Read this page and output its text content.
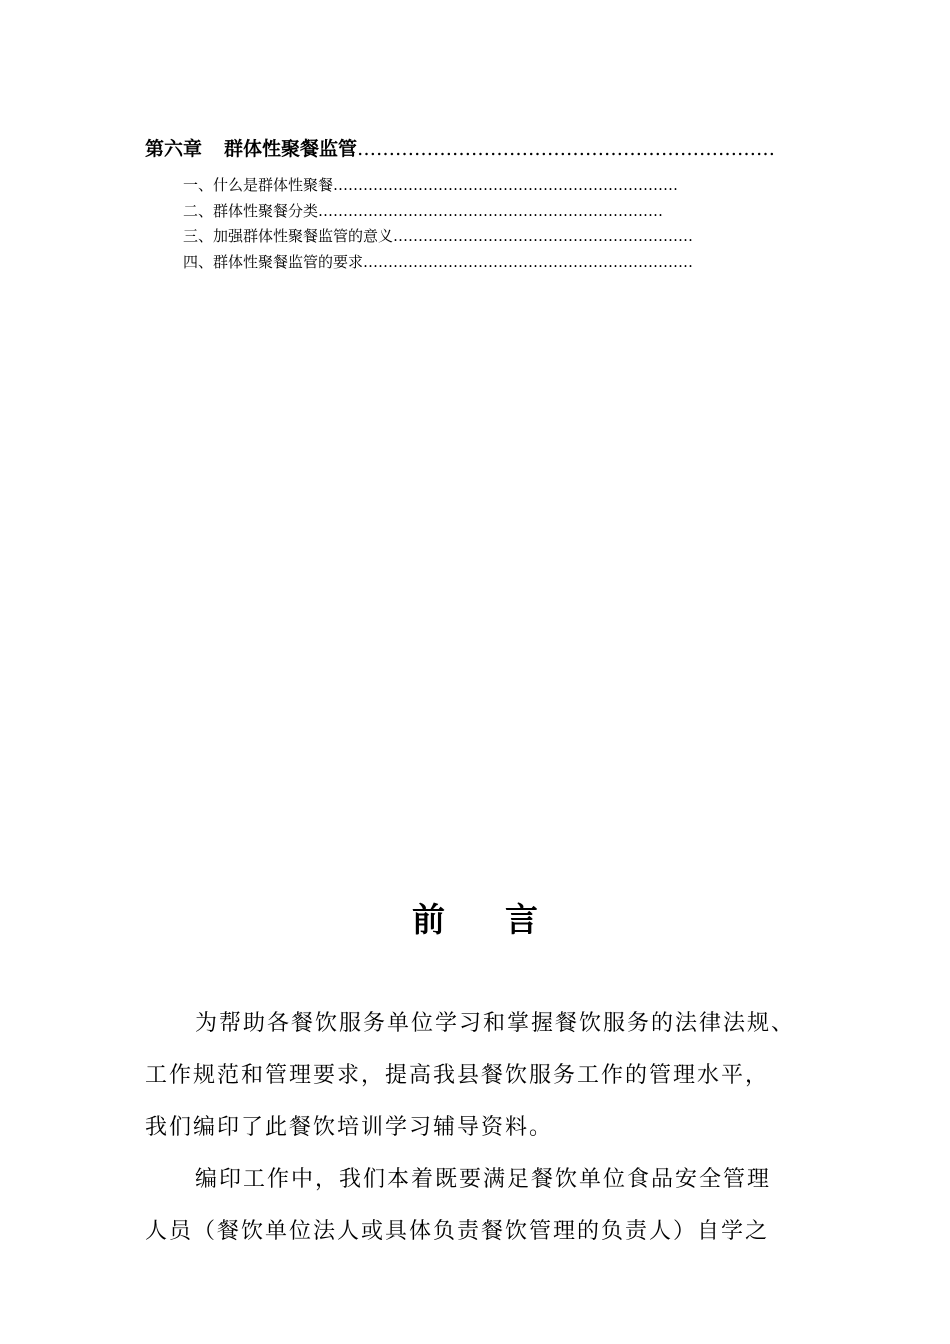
第六章 群体性聚餐监管…………………………………………………………
一、什么是群体性聚餐……………………………………………………………
二、群体性聚餐分类……………………………………………………………
三、加强群体性聚餐监管的意义……………………………………………………
四、群体性聚餐监管的要求…………………………………………………………
前 言
为帮助各餐饮服务单位学习和掌握餐饮服务的法律法规、
工作规范和管理要求，提高我县餐饮服务工作的管理水平，
我们编印了此餐饮培训学习辅导资料。
编印工作中，我们本着既要满足餐饮单位食品安全管理
人员（餐饮单位法人或具体负责餐饮管理的负责人）自学之
